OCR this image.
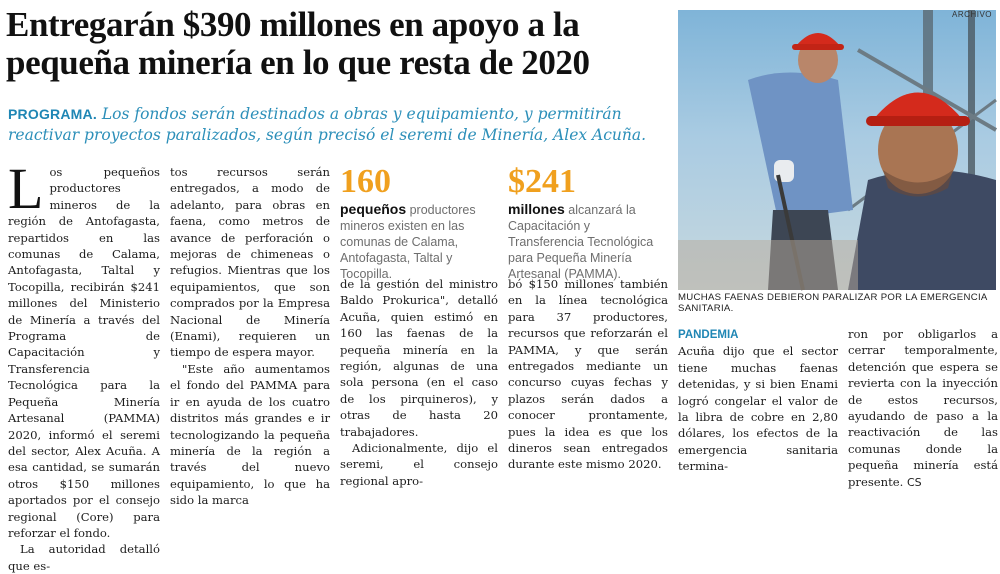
Entregarán $390 millones en apoyo a la pequeña minería en lo que resta de 2020
PROGRAMA. Los fondos serán destinados a obras y equipamiento, y permitirán reactivar proyectos paralizados, según precisó el seremi de Minería, Alex Acuña.

Los pequeños productores mineros de la región de Antofagasta, repartidos en las comunas de Calama, Antofagasta, Taltal y Tocopilla, recibirán $241 millones del Ministerio de Minería a través del Programa de Capacitación y Transferencia Tecnológica para la Pequeña Minería Artesanal (PAMMA) 2020, informó el seremi del sector, Alex Acuña. A esa cantidad, se sumarán otros $150 millones aportados por el consejo regional (Core) para reforzar el fondo.

La autoridad detalló que es-

tos recursos serán entregados, a modo de adelanto, para obras en faena, como metros de avance de perforación o mejoras de chimeneas o refugios. Mientras que los equipamientos, que son comprados por la Empresa Nacional de Minería (Enami), requieren un tiempo de espera mayor.

"Este año aumentamos el fondo del PAMMA para ir en ayuda de los cuatro distritos más grandes e ir tecnologizando la pequeña minería de la región a través del nuevo equipamiento, lo que ha sido la marca

160
pequeños productores mineros existen en las comunas de Calama, Antofagasta, Taltal y Tocopilla.
$241
millones alcanzará la Capacitación y Transferencia Tecnológica para Pequeña Minería Artesanal (PAMMA).

de la gestión del ministro Baldo Prokurica", detalló Acuña, quien estimó en 160 las faenas de la pequeña minería en la región, algunas de una sola persona (en el caso de los pirquineros), y otras de hasta 20 trabajadores.

Adicionalmente, dijo el seremi, el consejo regional apro-

bó $150 millones también en la línea tecnológica para 37 productores, recursos que reforzarán el PAMMA, y que serán entregados mediante un concurso cuyas fechas y plazos serán dados a conocer prontamente, pues la idea es que los dineros sean entregados durante este mismo 2020.

ARCHIVO
MUCHAS FAENAS DEBIERON PARALIZAR POR LA EMERGENCIA SANITARIA.

PANDEMIA
Acuña dijo que el sector tiene muchas faenas detenidas, y si bien Enami logró congelar el valor de la libra de cobre en 2,80 dólares, los efectos de la emergencia sanitaria termina-

ron por obligarlos a cerrar temporalmente, detención que espera se revierta con la inyección de estos recursos, ayudando de paso a la reactivación de las comunas donde la pequeña minería está presente. CS
